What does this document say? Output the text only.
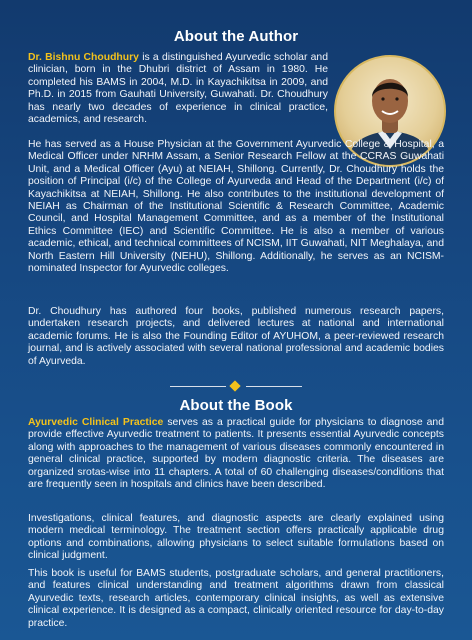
About the Author

Dr. Bishnu Choudhury is a distinguished Ayurvedic scholar and clinician, born in the Dhubri district of Assam in 1980. He completed his BAMS in 2004, M.D. in Kayachikitsa in 2009, and Ph.D. in 2015 from Gauhati University, Guwahati. Dr. Choudhury has nearly two decades of experience in clinical practice, academics, and research.

He has served as a House Physician at the Government Ayurvedic College & Hospital, a Medical Officer under NRHM Assam, a Senior Research Fellow at the CCRAS Guwahati Unit, and a Medical Officer (Ayu) at NEIAH, Shillong. Currently, Dr. Choudhury holds the position of Principal (i/c) of the College of Ayurveda and Head of the Department (i/c) of Kayachikitsa at NEIAH, Shillong. He also contributes to the institutional development of NEIAH as Chairman of the Institutional Scientific & Research Committee, Academic Council, and Hospital Management Committee, and as a member of the Institutional Ethics Committee (IEC) and Scientific Committee. He is also a member of various academic, ethical, and technical committees of NCISM, IIT Guwahati, NIT Meghalaya, and North Eastern Hill University (NEHU), Shillong. Additionally, he serves as an NCISM-nominated Inspector for Ayurvedic colleges.

Dr. Choudhury has authored four books, published numerous research papers, undertaken research projects, and delivered lectures at national and international academic forums. He is also the Founding Editor of AYUHOM, a peer-reviewed research journal, and is actively associated with several national professional and academic bodies of Ayurveda.

About the Book

Ayurvedic Clinical Practice serves as a practical guide for physicians to diagnose and provide effective Ayurvedic treatment to patients. It presents essential Ayurvedic concepts along with approaches to the management of various diseases commonly encountered in general clinical practice, supported by modern diagnostic criteria. The diseases are organized srotas-wise into 11 chapters. A total of 60 challenging diseases/conditions that are frequently seen in hospitals and clinics have been described.

Investigations, clinical features, and diagnostic aspects are clearly explained using modern medical terminology. The treatment section offers practically applicable drug options and combinations, allowing physicians to select suitable formulations based on clinical judgment.

This book is useful for BAMS students, postgraduate scholars, and general practitioners, and features clinical understanding and treatment algorithms drawn from classical Ayurvedic texts, research articles, contemporary clinical insights, as well as extensive clinical experience. It is designed as a compact, clinically oriented resource for day-to-day practice.
